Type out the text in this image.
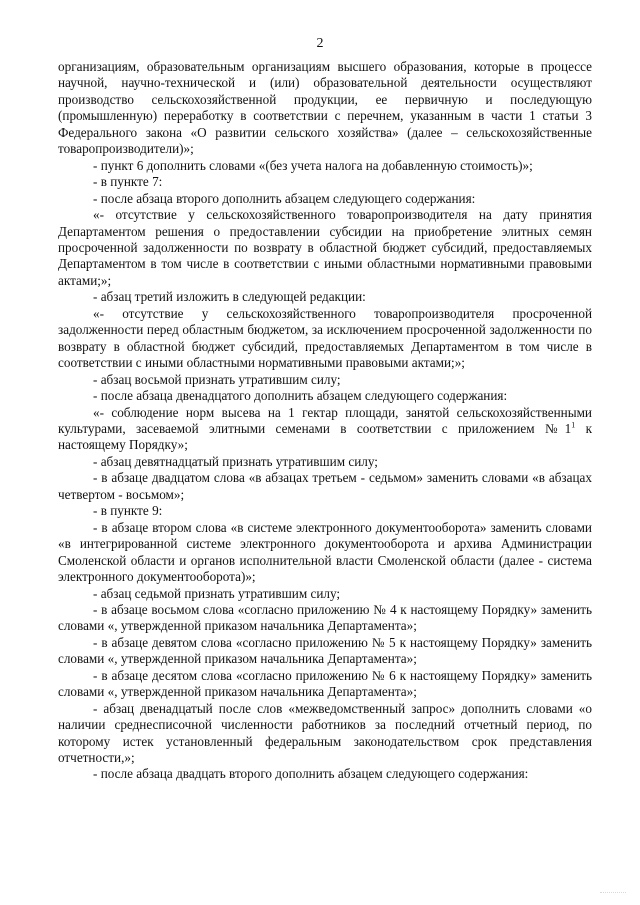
2

организациям, образовательным организациям высшего образования, которые в процессе научной, научно-технической и (или) образовательной деятельности осуществляют производство сельскохозяйственной продукции, ее первичную и последующую (промышленную) переработку в соответствии с перечнем, указанным в части 1 статьи 3 Федерального закона «О развитии сельского хозяйства» (далее – сельскохозяйственные товаропроизводители)»;

- пункт 6 дополнить словами «(без учета налога на добавленную стоимость)»;

- в пункте 7:

- после абзаца второго дополнить абзацем следующего содержания:

«- отсутствие у сельскохозяйственного товаропроизводителя на дату принятия Департаментом решения о предоставлении субсидии на приобретение элитных семян просроченной задолженности по возврату в областной бюджет субсидий, предоставляемых Департаментом в том числе в соответствии с иными областными нормативными правовыми актами;»;

- абзац третий изложить в следующей редакции:

«- отсутствие у сельскохозяйственного товаропроизводителя просроченной задолженности перед областным бюджетом, за исключением просроченной задолженности по возврату в областной бюджет субсидий, предоставляемых Департаментом в том числе в соответствии с иными областными нормативными правовыми актами;»;

- абзац восьмой признать утратившим силу;

- после абзаца двенадцатого дополнить абзацем следующего содержания:

«- соблюдение норм высева на 1 гектар площади, занятой сельскохозяйственными культурами, засеваемой элитными семенами в соответствии с приложением $№1^1$ к настоящему Порядку»;

- абзац девятнадцатый признать утратившим силу;

- в абзаце двадцатом слова «в абзацах третьем - седьмом» заменить словами «в абзацах четвертом - восьмом»;

- в пункте 9:

- в абзаце втором слова «в системе электронного документооборота» заменить словами «в интегрированной системе электронного документооборота и архива Администрации Смоленской области и органов исполнительной власти Смоленской области (далее - система электронного документооборота)»;

- абзац седьмой признать утратившим силу;

- в абзаце восьмом слова «согласно приложению № 4 к настоящему Порядку» заменить словами «, утвержденной приказом начальника Департамента»;

- в абзаце девятом слова «согласно приложению № 5 к настоящему Порядку» заменить словами «, утвержденной приказом начальника Департамента»;

- в абзаце десятом слова «согласно приложению № 6 к настоящему Порядку» заменить словами «, утвержденной приказом начальника Департамента»;

- абзац двенадцатый после слов «межведомственный запрос» дополнить словами «о наличии среднесписочной численности работников за последний отчетный период, по которому истек установленный федеральным законодательством срок представления отчетности,»;

- после абзаца двадцать второго дополнить абзацем следующего содержания:
